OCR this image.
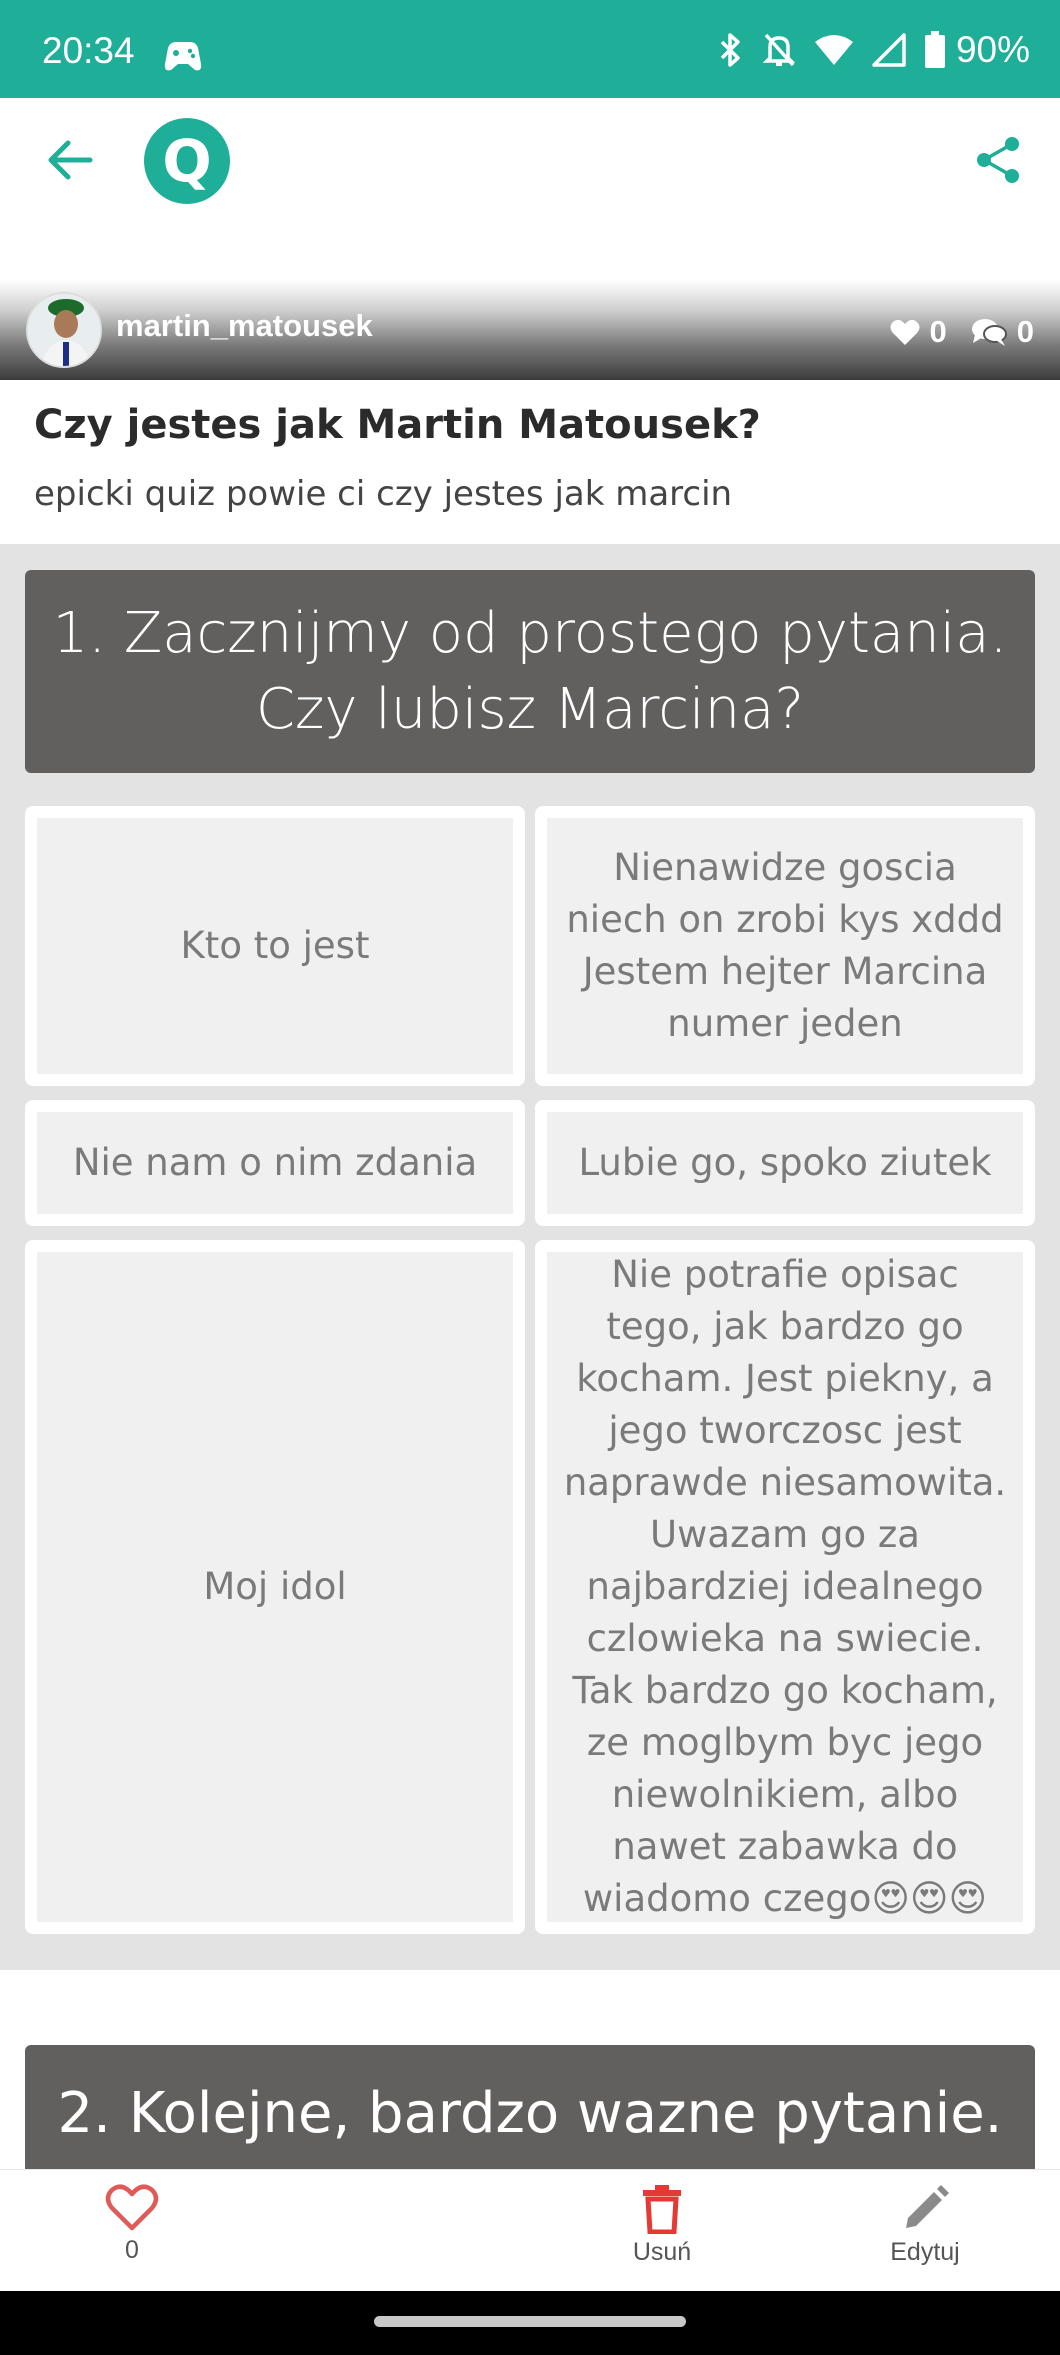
20:34	90%
Q
martin_matousek	0 0
Czy jestes jak Martin Matousek?
epicki quiz powie ci czy jestes jak marcin
1. Zacznijmy od prostego pytania. Czy lubisz Marcina?
Kto to jest
Nienawidze goscia niech on zrobi kys xddd Jestem hejter Marcina numer jeden
Nie nam o nim zdania	Lubie go, spoko ziutek
Moj idol
Nie potrafie opisac tego, jak bardzo go kocham. Jest piekny, a jego tworczosc jest naprawde niesamowita. Uwazam go za najbardziej idealnego czlowieka na swiecie. Tak bardzo go kocham, ze moglbym byc jego niewolnikiem, albo nawet zabawka do wiadomo czego😍😍😍
2. Kolejne, bardzo wazne pytanie.
0	Usuń	Edytuj
